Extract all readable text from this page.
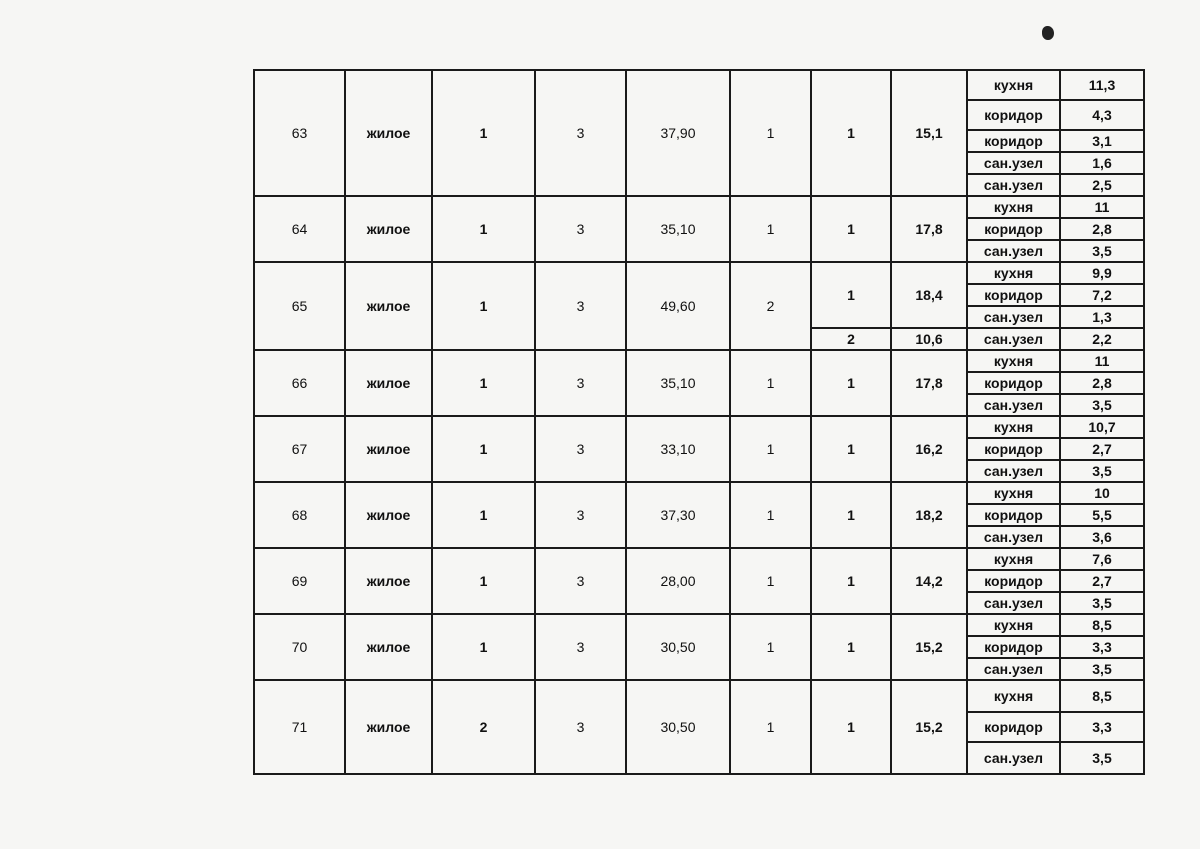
63	жилое	1	3	37,90	1	1	15,1	кухня	11,3
								коридор	4,3
								коридор	3,1
								сан.узел	1,6
								сан.узел	2,5
64	жилое	1	3	35,10	1	1	17,8	кухня	11
								коридор	2,8
								сан.узел	3,5
65	жилое	1	3	49,60	2	1	18,4	кухня	9,9
								коридор	7,2
								сан.узел	1,3
						2	10,6	сан.узел	2,2
66	жилое	1	3	35,10	1	1	17,8	кухня	11
								коридор	2,8
								сан.узел	3,5
67	жилое	1	3	33,10	1	1	16,2	кухня	10,7
								коридор	2,7
								сан.узел	3,5
68	жилое	1	3	37,30	1	1	18,2	кухня	10
								коридор	5,5
								сан.узел	3,6
69	жилое	1	3	28,00	1	1	14,2	кухня	7,6
								коридор	2,7
								сан.узел	3,5
70	жилое	1	3	30,50	1	1	15,2	кухня	8,5
								коридор	3,3
								сан.узел	3,5
71	жилое	2	3	30,50	1	1	15,2	кухня	8,5
								коридор	3,3
								сан.узел	3,5
